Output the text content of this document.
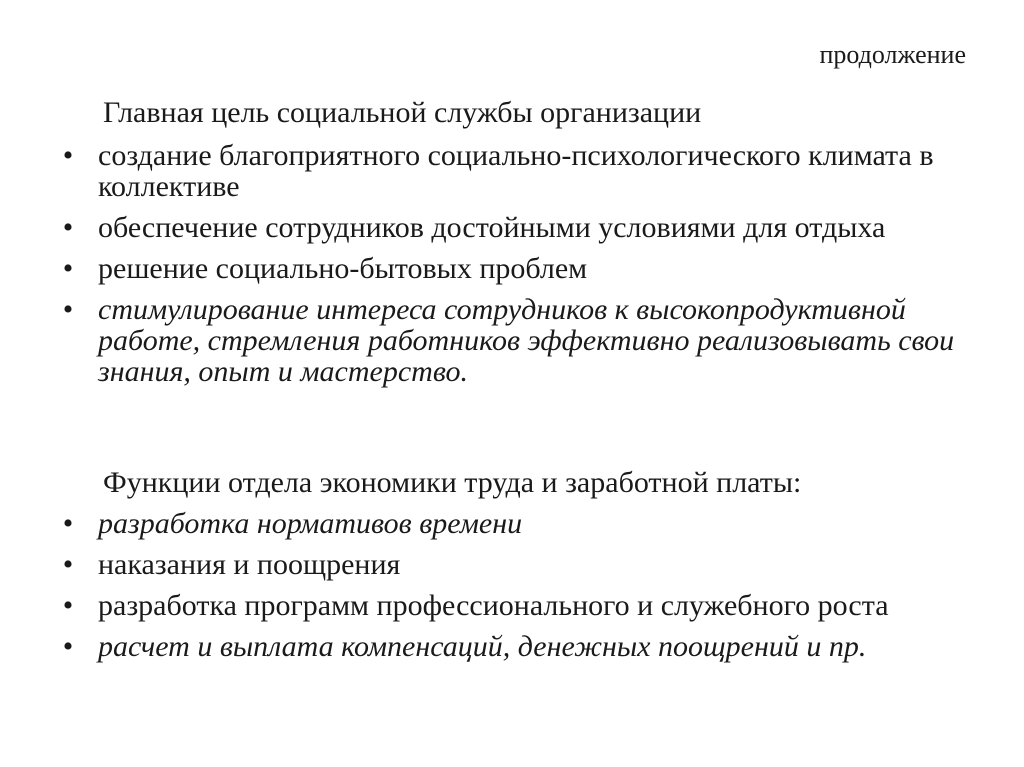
продолжение
Главная цель социальной службы организации
• создание благоприятного социально-психологического климата в коллективе
• обеспечение сотрудников достойными условиями для отдыха
• решение социально-бытовых проблем
• стимулирование интереса сотрудников к высокопродуктивной работе, стремления работников эффективно реализовывать свои знания, опыт и мастерство.
Функции отдела экономики труда и заработной платы:
• разработка нормативов времени
• наказания и поощрения
• разработка программ профессионального и служебного роста
• расчет и выплата компенсаций, денежных поощрений и пр.
